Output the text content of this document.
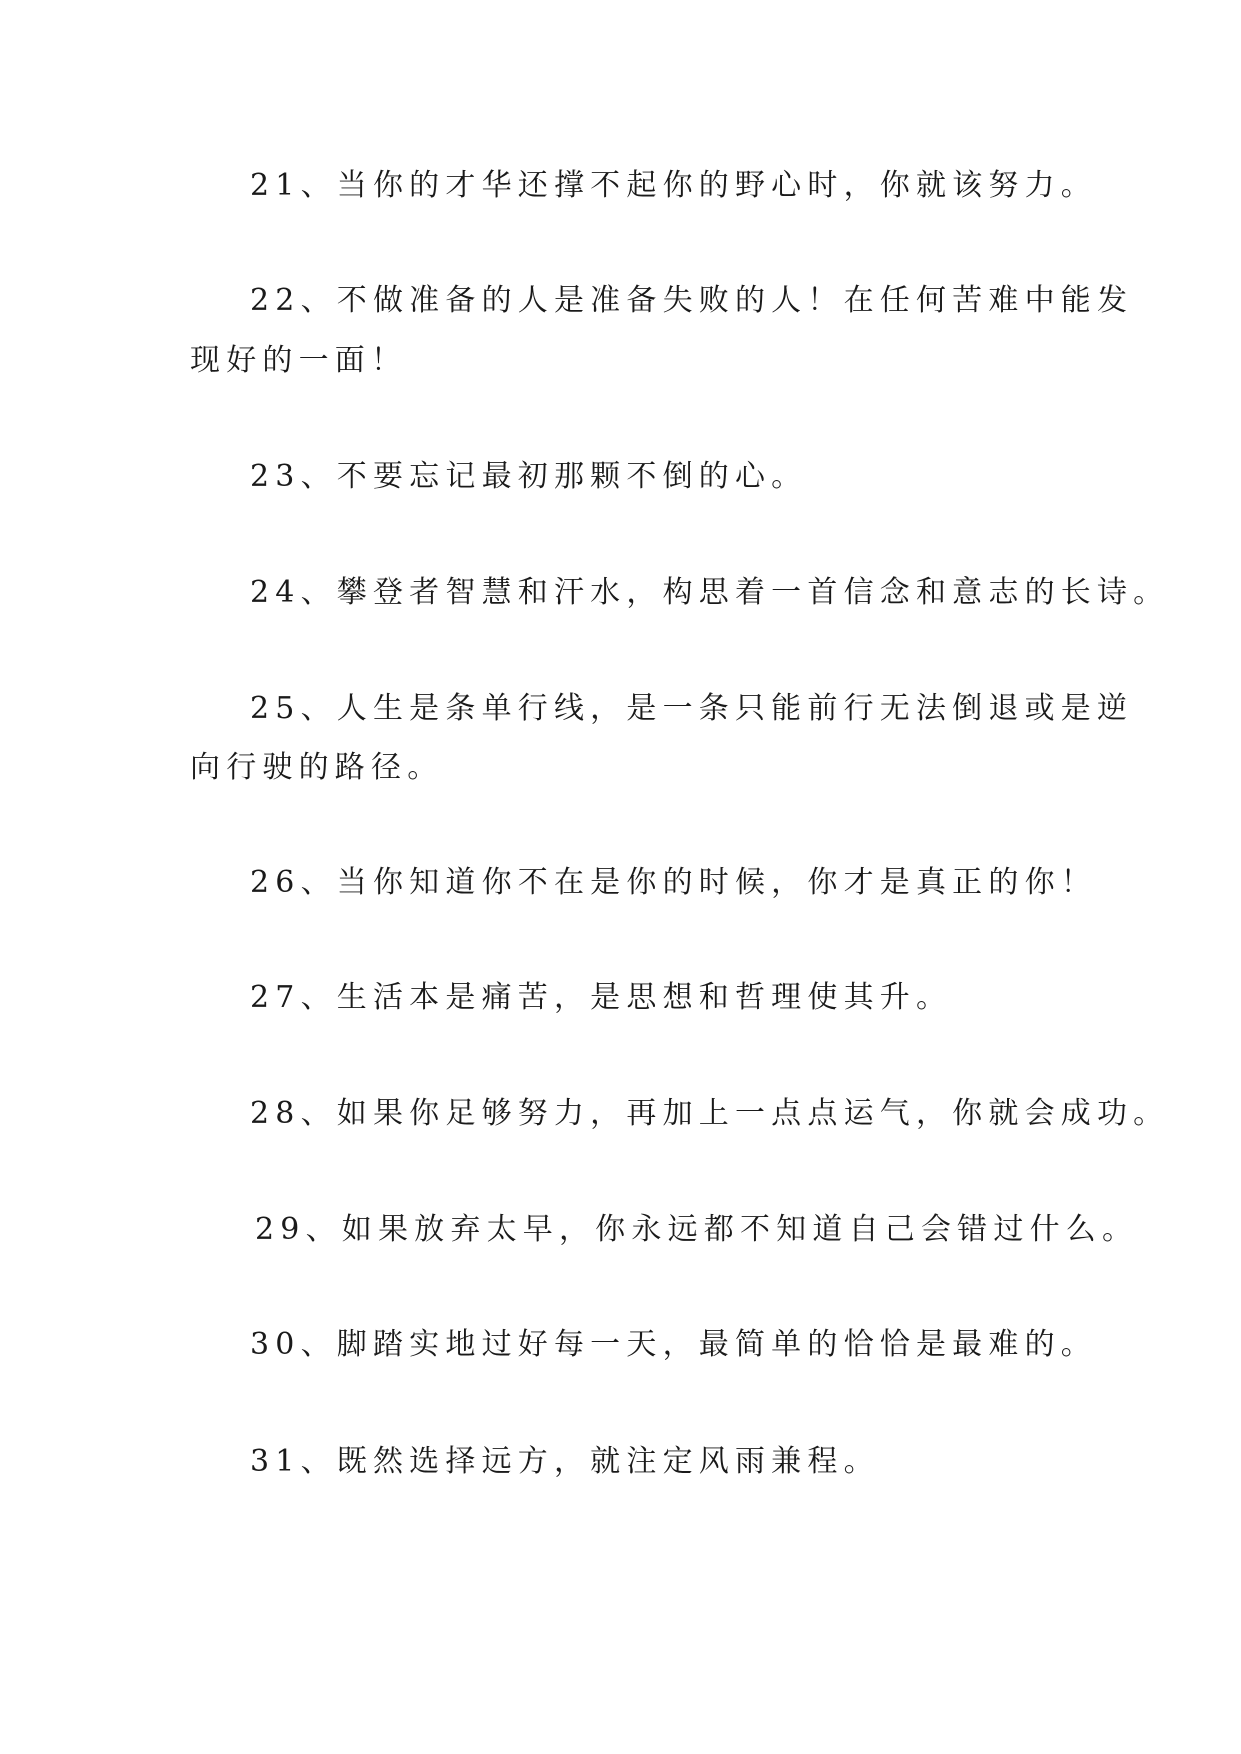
21、当你的才华还撑不起你的野心时，你就该努力。
22、不做准备的人是准备失败的人！在任何苦难中能发
现好的一面！
23、不要忘记最初那颗不倒的心。
24、攀登者智慧和汗水，构思着一首信念和意志的长诗。
25、人生是条单行线，是一条只能前行无法倒退或是逆
向行驶的路径。
26、当你知道你不在是你的时候，你才是真正的你！
27、生活本是痛苦，是思想和哲理使其升。
28、如果你足够努力，再加上一点点运气，你就会成功。
29、如果放弃太早，你永远都不知道自己会错过什么。
30、脚踏实地过好每一天，最简单的恰恰是最难的。
31、既然选择远方，就注定风雨兼程。
